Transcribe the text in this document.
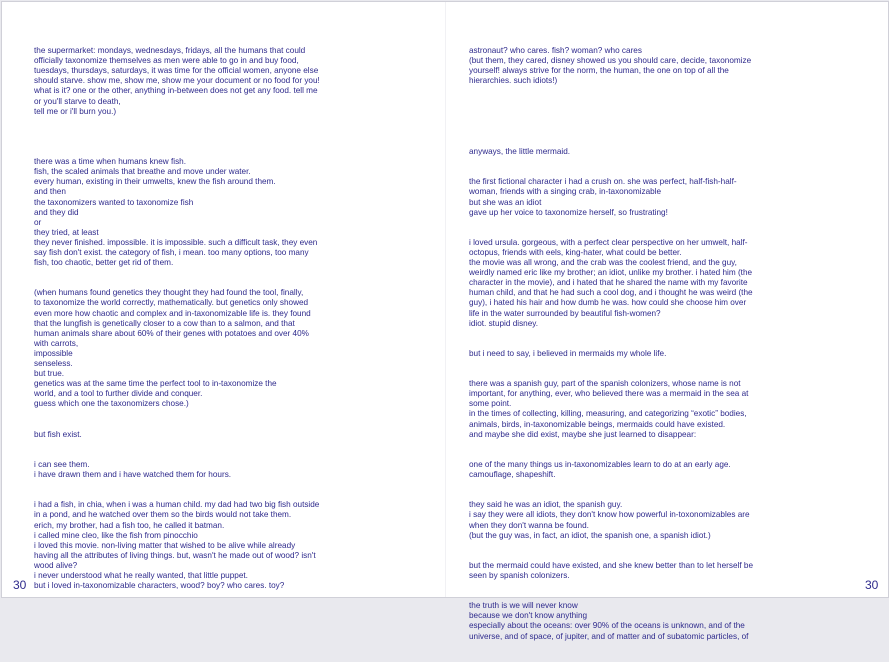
the supermarket: mondays, wednesdays, fridays, all the humans that could
officially taxonomize themselves as men were able to go in and buy food,
tuesdays, thursdays, saturdays, it was time for the official women, anyone else
should starve. show me, show me, show me your document or no food for you!
what is it? one or the other, anything in-between does not get any food. tell me
or you'll starve to death,
tell me or i'll burn you.)

there was a time when humans knew fish.
fish, the scaled animals that breathe and move under water.
every human, existing in their umwelts, knew the fish around them.
and then
the taxonomizers wanted to taxonomize fish
and they did
or
they tried, at least
they never finished. impossible. it is impossible. such a difficult task, they even
say fish don't exist. the category of fish, i mean. too many options, too many
fish, too chaotic, better get rid of them.

(when humans found genetics they thought they had found the tool, finally,
to taxonomize the world correctly, mathematically. but genetics only showed
even more how chaotic and complex and in-taxonomizable life is. they found
that the lungfish is genetically closer to a cow than to a salmon, and that
human animals share about 60% of their genes with potatoes and over 40%
with carrots,
impossible
senseless.
but true.
genetics was at the same time the perfect tool to in-taxonomize the
world, and a tool to further divide and conquer.
guess which one the taxonomizers chose.)

but fish exist.

i can see them.
i have drawn them and i have watched them for hours.

i had a fish, in chia, when i was a human child. my dad had two big fish outside
in a pond, and he watched over them so the birds would not take them.
erich, my brother, had a fish too, he called it batman.
i called mine cleo, like the fish from pinocchio
i loved this movie. non-living matter that wished to be alive while already
having all the attributes of living things. but, wasn't he made out of wood? isn't
wood alive?
i never understood what he really wanted, that little puppet.
but i loved in-taxonomizable characters, wood? boy? who cares. toy?

astronaut? who cares. fish? woman? who cares
(but them, they cared, disney showed us you should care, decide, taxonomize
yourself! always strive for the norm, the human, the one on top of all the
hierarchies. such idiots!)

anyways, the little mermaid.

the first fictional character i had a crush on. she was perfect, half-fish-half-
woman, friends with a singing crab, in-taxonomizable
but she was an idiot
gave up her voice to taxonomize herself, so frustrating!

i loved ursula. gorgeous, with a perfect clear perspective on her umwelt, half-
octopus, friends with eels, king-hater, what could be better.
the movie was all wrong, and the crab was the coolest friend, and the guy,
weirdly named eric like my brother; an idiot, unlike my brother. i hated him (the
character in the movie), and i hated that he shared the name with my favorite
human child, and that he had such a cool dog, and i thought he was weird (the
guy), i hated his hair and how dumb he was. how could she choose him over
life in the water surrounded by beautiful fish-women?
idiot. stupid disney.

but i need to say, i believed in mermaids my whole life.

there was a spanish guy, part of the spanish colonizers, whose name is not
important, for anything, ever, who believed there was a mermaid in the sea at
some point.
in the times of collecting, killing, measuring, and categorizing “exotic” bodies,
animals, birds, in-taxonomizable beings, mermaids could have existed.
and maybe she did exist, maybe she just learned to disappear:

one of the many things us in-taxonomizables learn to do at an early age.
camouflage, shapeshift.

they said he was an idiot, the spanish guy.
i say they were all idiots, they don't know how powerful in-toxonomizables are
when they don't wanna be found.
(but the guy was, in fact, an idiot, the spanish one, a spanish idiot.)

but the mermaid could have existed, and she knew better than to let herself be
seen by spanish colonizers.

the truth is we will never know
because we don't know anything
especially about the oceans: over 90% of the oceans is unknown, and of the
universe, and of space, of jupiter, and of matter and of subatomic particles, of

30	30
